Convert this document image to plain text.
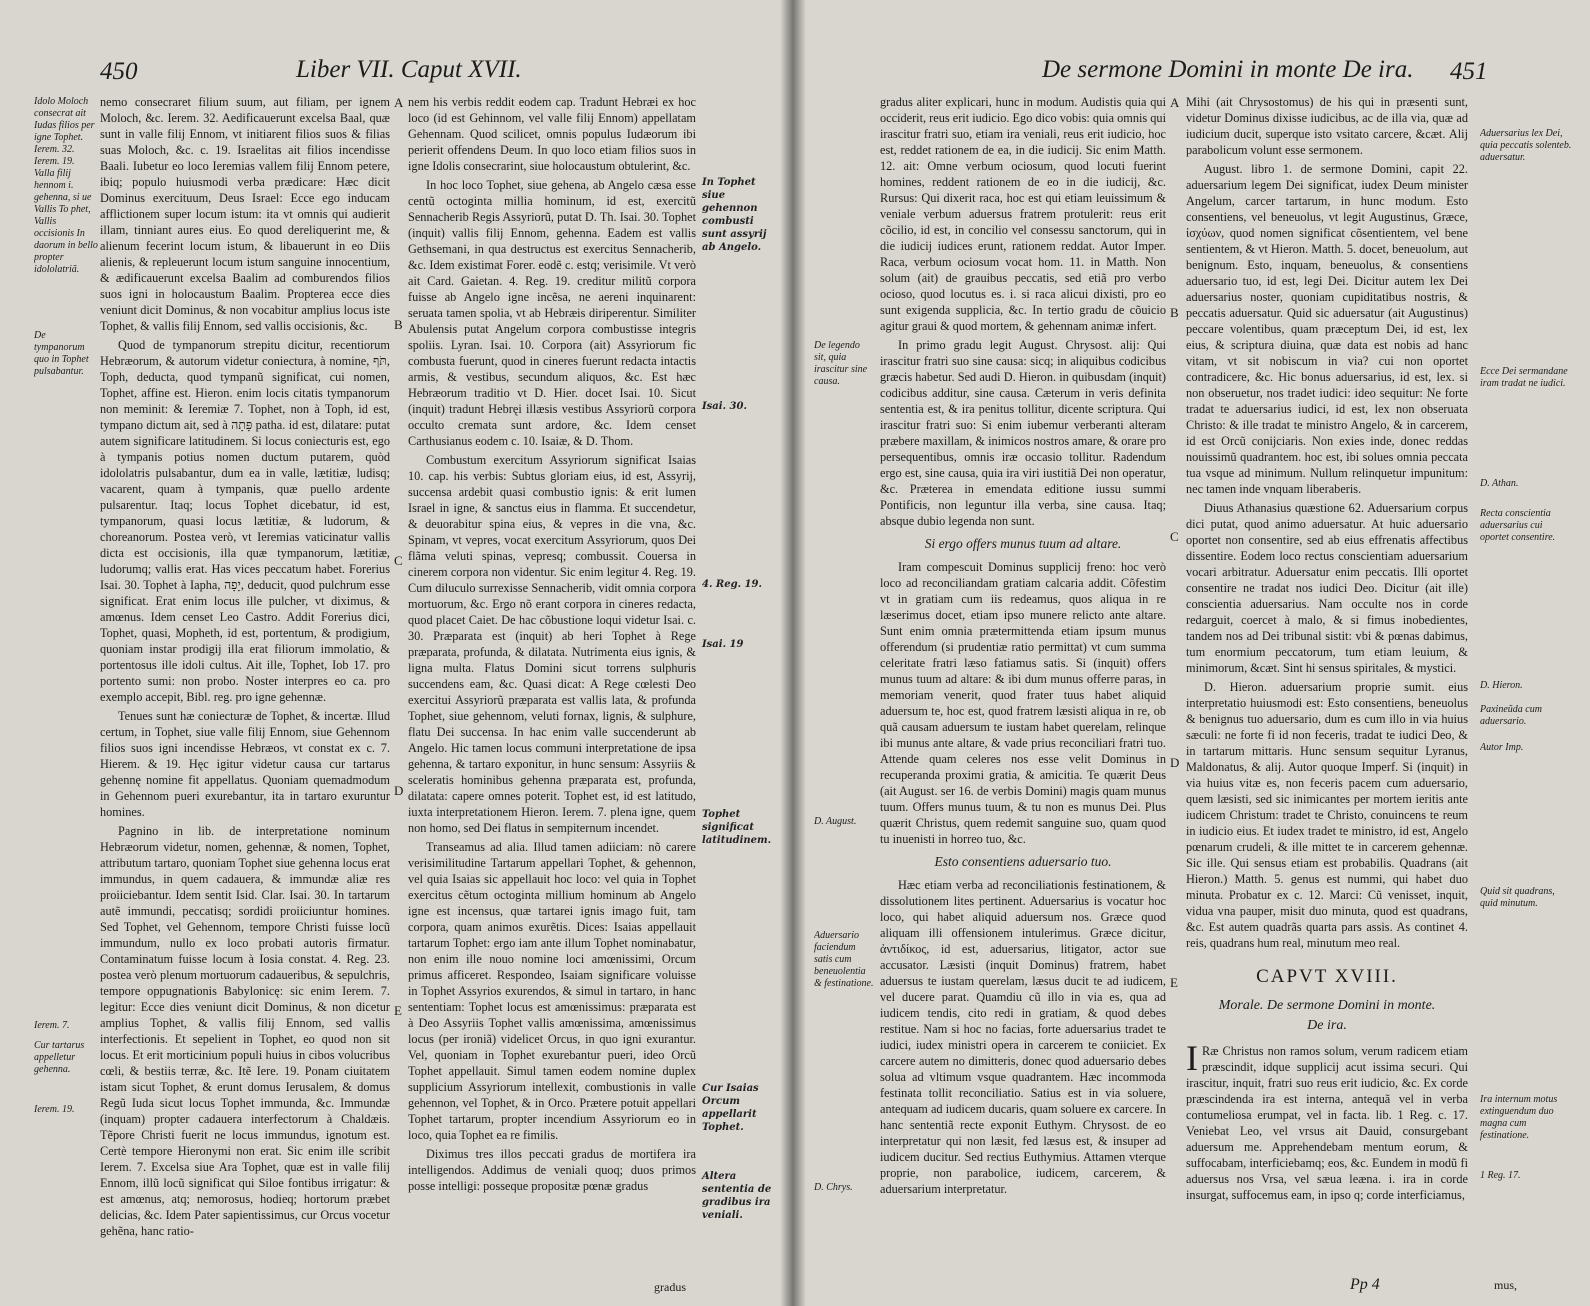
450	Liber VII. Caput XVII.
Idolo Moloch consecrat ait Iudas filios per igne Tophet.
Ierem. 32.
Ierem. 19.
Valla filij hennom i. gehenna, si ue Vallis To phet, Vallis occisionis In daorum in bello propter idololatriã.
De tympanorum quo in Tophet pulsabantur.
Ierem. 7.
Cur tartarus appelletur gehenna.
Ierem. 19.

nemo consecraret filium suum, aut filiam, per ignem Moloch, &c. Ierem. 32. Aedificauerunt excelsa Baal, quæ sunt in valle filij Ennom, vt initiarent filios suos & filias suas Moloch, &c. c. 19. Israelitas ait filios incendisse Baali. Iubetur eo loco Ieremias vallem filij Ennom petere, ibiq; populo huiusmodi verba prædicare: Hæc dicit Dominus exercituum, Deus Israel: Ecce ego inducam afflictionem super locum istum: ita vt omnis qui audierit illam, tinniant aures eius. Eo quod dereliquerint me, & alienum fecerint locum istum, & libauerunt in eo Diis alienis, & repleuerunt locum istum sanguine innocentium, & ædificauerunt excelsa Baalim ad comburendos filios suos igni in holocaustum Baalim. Propterea ecce dies veniunt dicit Dominus, & non vocabitur amplius locus iste Tophet, & vallis filij Ennom, sed vallis occisionis, &c.

Quod de tympanorum strepitu dicitur, recentiorum Hebræorum, & autorum videtur coniectura, à nomine, תֹּף, Toph, deducta, quod tympanũ significat, cui nomen, Tophet, affine est. Hieron. enim locis citatis tympanorum non meminit: & Ieremiæ 7. Tophet, non à Toph, id est, tympano dictum ait, sed à פָּתָה patha. id est, dilatare: putat autem significare latitudinem. Si locus coniecturis est, ego à tympanis potius nomen ductum putarem, quòd idololatris pulsabantur, dum ea in valle, lætitiæ, ludisq; vacarent, quam à tympanis, quæ puello ardente pulsarentur. Itaq; locus Tophet dicebatur, id est, tympanorum, quasi locus lætitiæ, & ludorum, & choreanorum. Postea verò, vt Ieremias vaticinatur vallis dicta est occisionis, illa quæ tympanorum, lætitiæ, ludorumq; vallis erat. Has vices peccatum habet. Forerius Isai. 30. Tophet à Iapha, יָפָה, deducit, quod pulchrum esse significat. Erat enim locus ille pulcher, vt diximus, & amœnus. Idem censet Leo Castro. Addit Forerius dici, Tophet, quasi, Mopheth, id est, portentum, & prodigium, quoniam instar prodigij illa erat filiorum immolatio, & portentosus ille idoli cultus. Ait ille, Tophet, Iob 17. pro portento sumi: non probo. Noster interpres eo ca. pro exemplo accepit, Bibl. reg. pro igne gehennæ.

Tenues sunt hæ coniecturæ de Tophet, & incertæ. Illud certum, in Tophet, siue valle filij Ennom, siue Gehennom filios suos igni incendisse Hebræos, vt constat ex c. 7. Hierem. & 19. Hęc igitur videtur causa cur tartarus gehennę nomine fit appellatus. Quoniam quemadmodum in Gehennom pueri exurebantur, ita in tartaro exuruntur homines.

Pagnino in lib. de interpretatione nominum Hebræorum videtur, nomen, gehennæ, & nomen, Tophet, attributum tartaro, quoniam Tophet siue gehenna locus erat immundus, in quem cadauera, & immundæ aliæ res proiiciebantur. Idem sentit Isid. Clar. Isai. 30. In tartarum autẽ immundi, peccatisq; sordidi proiiciuntur homines. Sed Tophet, vel Gehennom, tempore Christi fuisse locũ immundum, nullo ex loco probati autoris firmatur. Contaminatum fuisse locum à Iosia constat. 4. Reg. 23. postea verò plenum mortuorum cadaueribus, & sepulchris, tempore oppugnationis Babylonicę: sic enim Ierem. 7. legitur: Ecce dies veniunt dicit Dominus, & non dicetur amplius Tophet, & vallis filij Ennom, sed vallis interfectionis. Et sepelient in Tophet, eo quod non sit locus. Et erit morticinium populi huius in cibos volucribus cœli, & bestiis terræ, &c. Itẽ Iere. 19. Ponam ciuitatem istam sicut Tophet, & erunt domus Ierusalem, & domus Regũ Iuda sicut locus Tophet immunda, &c. Immundæ (inquam) propter cadauera interfectorum à Chaldæis. Tẽpore Christi fuerit ne locus immundus, ignotum est. Certè tempore Hieronymi non erat. Sic enim ille scribit Ierem. 7. Excelsa siue Ara Tophet, quæ est in valle filij Ennom, illũ locũ significat qui Siloe fontibus irrigatur: & est amœnus, atq; nemorosus, hodieq; hortorum præbet delicias, &c. Idem Pater sapientissimus, cur Orcus vocetur gehẽna, hanc ratio-

A
B
C
D
E

nem his verbis reddit eodem cap. Tradunt Hebræi ex hoc loco (id est Gehinnom, vel valle filij Ennom) appellatam Gehennam. Quod scilicet, omnis populus Iudæorum ibi perierit offendens Deum. In quo loco etiam filios suos in igne Idolis consecrarint, siue holocaustum obtulerint, &c.

In hoc loco Tophet, siue gehena, ab Angelo cæsa esse centũ octoginta millia hominum, id est, exercitũ Sennacherib Regis Assyriorũ, putat D. Th. Isai. 30. Tophet (inquit) vallis filij Ennom, gehenna. Eadem est vallis Gethsemani, in qua destructus est exercitus Sennacherib, &c. Idem existimat Forer. eodẽ c. estq; verisimile. Vt verò ait Card. Gaietan. 4. Reg. 19. creditur militũ corpora fuisse ab Angelo igne incẽsa, ne aereni inquinarent: seruata tamen spolia, vt ab Hebræis diriperentur. Similiter Abulensis putat Angelum corpora combustisse integris spoliis. Lyran. Isai. 10. Corpora (ait) Assyriorum fic combusta fuerunt, quod in cineres fuerunt redacta intactis armis, & vestibus, secundum aliquos, &c. Est hæc Hebræorum traditio vt D. Hier. docet Isai. 10. Sicut (inquit) tradunt Hebręi illæsis vestibus Assyriorũ corpora occulto cremata sunt ardore, &c. Idem censet Carthusianus eodem c. 10. Isaiæ, & D. Thom.

Combustum exercitum Assyriorum significat Isaias 10. cap. his verbis: Subtus gloriam eius, id est, Assyrij, succensa ardebit quasi combustio ignis: & erit lumen Israel in igne, & sanctus eius in flamma. Et succendetur, & deuorabitur spina eius, & vepres in die vna, &c. Spinam, vt vepres, vocat exercitum Assyriorum, quos Dei flãma veluti spinas, vepresq; combussit. Couersa in cinerem corpora non videntur. Sic enim legitur 4. Reg. 19. Cum diluculo surrexisse Sennacherib, vidit omnia corpora mortuorum, &c. Ergo nõ erant corpora in cineres redacta, quod placet Caiet. De hac cõbustione loqui videtur Isai. c. 30. Præparata est (inquit) ab heri Tophet à Rege præparata, profunda, & dilatata. Nutrimenta eius ignis, & ligna multa. Flatus Domini sicut torrens sulphuris succendens eam, &c. Quasi dicat: A Rege cœlesti Deo exercitui Assyriorũ præparata est vallis lata, & profunda Tophet, siue gehennom, veluti fornax, lignis, & sulphure, flatu Dei succensa. In hac enim valle succenderunt ab Angelo. Hic tamen locus communi interpretatione de ipsa gehenna, & tartaro exponitur, in hunc sensum: Assyriis & sceleratis hominibus gehenna præparata est, profunda, dilatata: capere omnes poterit. Tophet est, id est latitudo, iuxta interpretationem Hieron. Ierem. 7. plena igne, quem non homo, sed Dei flatus in sempiternum incendet.

Transeamus ad alia. Illud tamen adiiciam: nõ carere verisimilitudine Tartarum appellari Tophet, & gehennon, vel quia Isaias sic appellauit hoc loco: vel quia in Tophet exercitus cẽtum octoginta millium hominum ab Angelo igne est incensus, quæ tartarei ignis imago fuit, tam corpora, quam animos exurẽtis. Dices: Isaias appellauit tartarum Tophet: ergo iam ante illum Tophet nominabatur, non enim ille nouo nomine loci amœnissimi, Orcum primus afficeret. Respondeo, Isaiam significare voluisse in Tophet Assyrios exurendos, & simul in tartaro, in hanc sententiam: Tophet locus est amœnissimus: præparata est à Deo Assyriis Tophet vallis amœnissima, amœnissimus locus (per ironiã) videlicet Orcus, in quo igni exurantur. Vel, quoniam in Tophet exurebantur pueri, ideo Orcũ Tophet appellauit. Simul tamen eodem nomine duplex supplicium Assyriorum intellexit, combustionis in valle gehennon, vel Tophet, & in Orco. Prætere potuit appellari Tophet tartarum, propter incendium Assyriorum eo in loco, quia Tophet ea re fimilis.

Diximus tres illos peccati gradus de mortifera ira intelligendos. Addimus de veniali quoq; duos primos posse intelligi: posseque propositæ pœnæ gradus

In Tophet siue gehennon combusti sunt assyrij ab Angelo.
Isai. 30.
4. Reg. 19.
Isai. 19
Tophet significat latitudinem.
Cur Isaias Orcum appellarit Tophet.
Altera sententia de gradibus ira veniali.
gradus
De sermone Domini in monte De ira. 451
De legendo sit, quia irascitur sine causa.
D. August.
Aduersario faciendum satis cum beneuolentia & festinatione.
D. Chrys.

gradus aliter explicari, hunc in modum. Audistis quia qui occiderit, reus erit iudicio. Ego dico vobis: quia omnis qui irascitur fratri suo, etiam ira veniali, reus erit iudicio, hoc est, reddet rationem de ea, in die iudicij. Sic enim Matth. 12. ait: Omne verbum ociosum, quod locuti fuerint homines, reddent rationem de eo in die iudicij, &c. Rursus: Qui dixerit raca, hoc est qui etiam leuissimum & veniale verbum aduersus fratrem protulerit: reus erit cõcilio, id est, in concilio vel consessu sanctorum, qui in die iudicij iudices erunt, rationem reddat. Autor Imper. Raca, verbum ociosum vocat hom. 11. in Matth. Non solum (ait) de grauibus peccatis, sed etiã pro verbo ocioso, quod locutus es. i. si raca alicui dixisti, pro eo sunt exigenda supplicia, &c. In tertio gradu de cõuicio agitur graui & quod mortem, & gehennam animæ infert.

In primo gradu legit August. Chrysost. alij: Qui irascitur fratri suo sine causa: sicq; in aliquibus codicibus græcis habetur. Sed audi D. Hieron. in quibusdam (inquit) codicibus additur, sine causa. Cæterum in veris definita sententia est, & ira penitus tollitur, dicente scriptura. Qui irascitur fratri suo: Si enim iubemur verberanti alteram præbere maxillam, & inimicos nostros amare, & orare pro persequentibus, omnis iræ occasio tollitur. Radendum ergo est, sine causa, quia ira viri iustitiã Dei non operatur, &c. Præterea in emendata editione iussu summi Pontificis, non leguntur illa verba, sine causa. Itaq; absque dubio legenda non sunt.

Si ergo offers munus tuum ad altare.

Iram compescuit Dominus supplicij freno: hoc verò loco ad reconciliandam gratiam calcaria addit. Cõfestim vt in gratiam cum iis redeamus, quos aliqua in re læserimus docet, etiam ipso munere relicto ante altare. Sunt enim omnia prætermittenda etiam ipsum munus offerendum (si prudentiæ ratio permittat) vt cum summa celeritate fratri læso fatiamus satis. Si (inquit) offers munus tuum ad altare: & ibi dum munus offerre paras, in memoriam venerit, quod frater tuus habet aliquid aduersum te, hoc est, quod fratrem læsisti aliqua in re, ob quã causam aduersum te iustam habet querelam, relinque ibi munus ante altare, & vade prius reconciliari fratri tuo. Attende quam celeres nos esse velit Dominus in recuperanda proximi gratia, & amicitia. Te quærit Deus (ait August. ser 16. de verbis Domini) magis quam munus tuum. Offers munus tuum, & tu non es munus Dei. Plus quærit Christus, quem redemit sanguine suo, quam quod tu inuenisti in horreo tuo, &c.

Esto consentiens aduersario tuo.

Hæc etiam verba ad reconciliationis festinationem, & dissolutionem lites pertinent. Aduersarius is vocatur hoc loco, qui habet aliquid aduersum nos. Græce quod aliquam illi offensionem intulerimus. Græce dicitur, ἀντιδίκος, id est, aduersarius, litigator, actor sue accusator. Læsisti (inquit Dominus) fratrem, habet aduersus te iustam querelam, læsus ducit te ad iudicem, vel ducere parat. Quamdiu cũ illo in via es, qua ad iudicem tendis, cito redi in gratiam, & quod debes restitue. Nam si hoc no facias, forte aduersarius tradet te iudici, iudex ministri opera in carcerem te coniiciet. Ex carcere autem no dimitteris, donec quod aduersario debes solua ad vltimum vsque quadrantem. Hæc incommoda festinata tollit reconciliatio. Satius est in via soluere, antequam ad iudicem ducaris, quam soluere ex carcere. In hanc sententiã recte exponit Euthym. Chrysost. de eo interpretatur qui non læsit, fed læsus est, & insuper ad iudicem ducitur. Sed rectius Euthymius. Attamen vterque proprie, non parabolice, iudicem, carcerem, & aduersarium interpretatur.

A
B
C
D
E

Mihi (ait Chrysostomus) de his qui in præsenti sunt, videtur Dominus dixisse iudicibus, ac de illa via, quæ ad iudicium ducit, superque isto vsitato carcere, &cæt. Alij parabolicum volunt esse sermonem.

August. libro 1. de sermone Domini, capit 22. aduersarium legem Dei significat, iudex Deum minister Angelum, carcer tartarum, in hunc modum. Esto consentiens, vel beneuolus, vt legit Augustinus, Græce, ἰσχύων, quod nomen significat cõsentientem, vel bene sentientem, & vt Hieron. Matth. 5. docet, beneuolum, aut benignum. Esto, inquam, beneuolus, & consentiens aduersario tuo, id est, legi Dei. Dicitur autem lex Dei aduersarius noster, quoniam cupiditatibus nostris, & peccatis aduersatur. Quid sic aduersatur (ait Augustinus) peccare volentibus, quam præceptum Dei, id est, lex eius, & scriptura diuina, quæ data est nobis ad hanc vitam, vt sit nobiscum in via? cui non oportet contradicere, &c. Hic bonus aduersarius, id est, lex. si non obseruetur, nos tradet iudici: ideo sequitur: Ne forte tradat te aduersarius iudici, id est, lex non obseruata Christo: & ille tradat te ministro Angelo, & in carcerem, id est Orcũ conijciaris. Non exies inde, donec reddas nouissimũ quadrantem. hoc est, ibi solues omnia peccata tua vsque ad minimum. Nullum relinquetur impunitum: nec tamen inde vnquam liberaberis.

Diuus Athanasius quæstione 62. Aduersarium corpus dici putat, quod animo aduersatur. At huic aduersario oportet non consentire, sed ab eius effrenatis affectibus dissentire. Eodem loco rectus conscientiam aduersarium vocari arbitratur. Aduersatur enim peccatis. Illi oportet consentire ne tradat nos iudici Deo. Dicitur (ait ille) conscientia aduersarius. Nam occulte nos in corde redarguit, coercet à malo, & si fimus inobedientes, tandem nos ad Dei tribunal sistit: vbi & pœnas dabimus, tum enormium peccatorum, tum etiam leuium, & minimorum, &cæt. Sint hi sensus spiritales, & mystici.

D. Hieron. aduersarium proprie sumit. eius interpretatio huiusmodi est: Esto consentiens, beneuolus & benignus tuo aduersario, dum es cum illo in via huius sæculi: ne forte fi id non feceris, tradat te iudici Deo, & in tartarum mittaris. Hunc sensum sequitur Lyranus, Maldonatus, & alij. Autor quoque Imperf. Si (inquit) in via huius vitæ es, non feceris pacem cum aduersario, quem læsisti, sed sic inimicantes per mortem ieritis ante iudicem Christum: tradet te Christo, conuincens te reum in iudicio eius. Et iudex tradet te ministro, id est, Angelo pœnarum crudeli, & ille mittet te in carcerem gehennæ. Sic ille. Qui sensus etiam est probabilis. Quadrans (ait Hieron.) Matth. 5. genus est nummi, qui habet duo minuta. Probatur ex c. 12. Marci: Cũ venisset, inquit, vidua vna pauper, misit duo minuta, quod est quadrans, &c. Est autem quadrãs quarta pars assis. As continet 4. reis, quadrans hum real, minutum meo real.

CAPVT XVIII.
Morale. De sermone Domini in monte.
De ira.

I Ræ Christus non ramos solum, verum radicem etiam præscindit, idque supplicij acut issima securi. Qui irascitur, inquit, fratri suo reus erit iudicio, &c. Ex corde præscindenda ira est interna, antequã vel in verba contumeliosa erumpat, vel in facta. lib. 1 Reg. c. 17. Veniebat Leo, vel vrsus ait Dauid, consurgebant aduersum me. Apprehendebam mentum eorum, & suffocabam, interficiebamq; eos, &c. Eundem in modũ fi aduersus nos Vrsa, vel sæua leæna. i. ira in corde insurgat, suffocemus eam, in ipso q; corde interficiamus,

Aduersarius lex Dei, quia peccatis solenteb. aduersatur.
Ecce Dei sermandane iram tradat ne iudici.
D. Athan.
Recta conscientia aduersarius cui oportet consentire.
D. Hieron.
Paxineũda cum aduersario.
Autor Imp.
Quid sit quadrans, quid minutum.
Ira internum motus extinguendum duo magna cum festinatione.
1 Reg. 17.
mus,
Pp 4
